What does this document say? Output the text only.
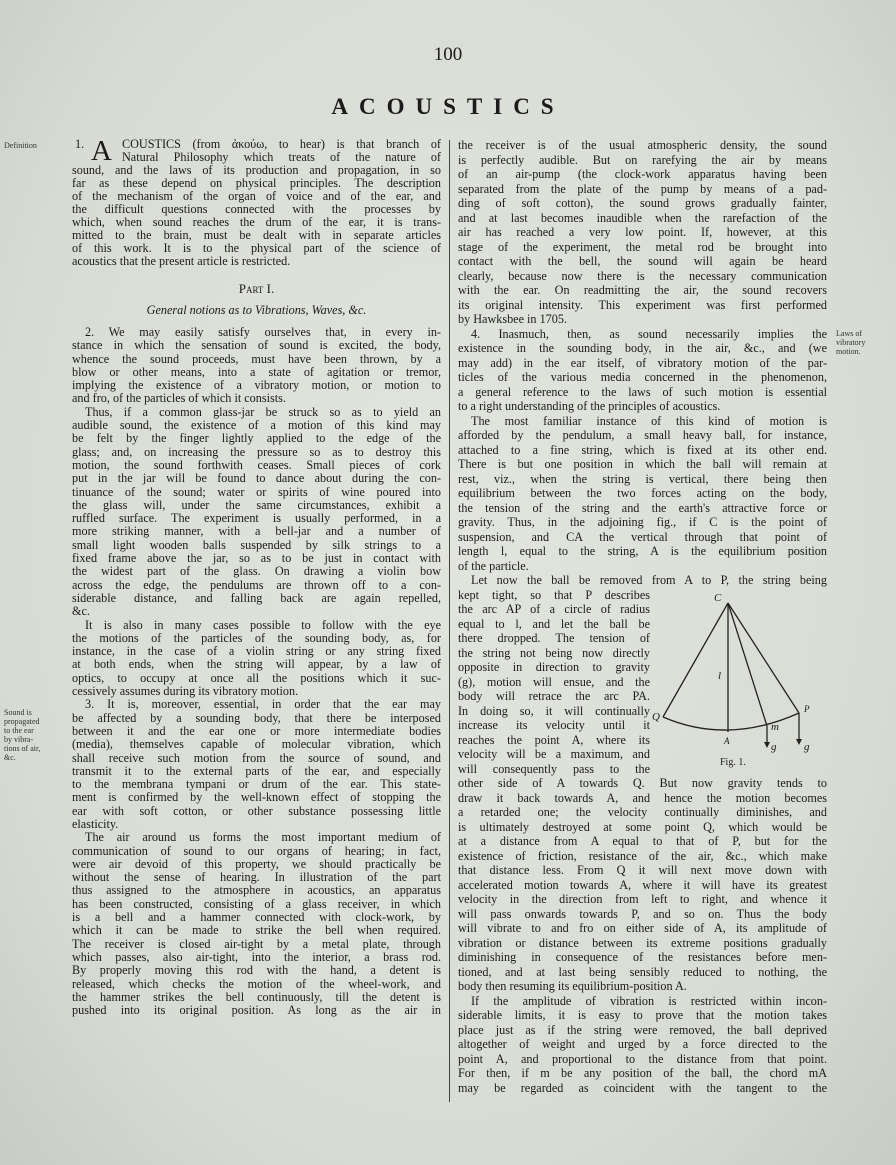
100
ACOUSTICS
Definition
Sound is
propagated
to the ear
by vibra-
tions of air,
&c.
Laws of
vibratory
motion.
1. A COUSTICS (from ἀκούω, to hear) is that branch of
Natural Philosophy which treats of the nature of
sound, and the laws of its production and propagation, in so
far as these depend on physical principles. The description
of the mechanism of the organ of voice and of the ear, and
the difficult questions connected with the processes by
which, when sound reaches the drum of the ear, it is trans-
mitted to the brain, must be dealt with in separate articles
of this work. It is to the physical part of the science of
acoustics that the present article is restricted.
Part I.
General notions as to Vibrations, Waves, &c.
2. We may easily satisfy ourselves that, in every in-
stance in which the sensation of sound is excited, the body,
whence the sound proceeds, must have been thrown, by a
blow or other means, into a state of agitation or tremor,
implying the existence of a vibratory motion, or motion to
and fro, of the particles of which it consists.
Thus, if a common glass-jar be struck so as to yield an
audible sound, the existence of a motion of this kind may
be felt by the finger lightly applied to the edge of the
glass; and, on increasing the pressure so as to destroy this
motion, the sound forthwith ceases. Small pieces of cork
put in the jar will be found to dance about during the con-
tinuance of the sound; water or spirits of wine poured into
the glass will, under the same circumstances, exhibit a
ruffled surface. The experiment is usually performed, in a
more striking manner, with a bell-jar and a number of
small light wooden balls suspended by silk strings to a
fixed frame above the jar, so as to be just in contact with
the widest part of the glass. On drawing a violin bow
across the edge, the pendulums are thrown off to a con-
siderable distance, and falling back are again repelled,
&c.
It is also in many cases possible to follow with the eye
the motions of the particles of the sounding body, as, for
instance, in the case of a violin string or any string fixed
at both ends, when the string will appear, by a law of
optics, to occupy at once all the positions which it suc-
cessively assumes during its vibratory motion.
3. It is, moreover, essential, in order that the ear may
be affected by a sounding body, that there be interposed
between it and the ear one or more intermediate bodies
(media), themselves capable of molecular vibration, which
shall receive such motion from the source of sound, and
transmit it to the external parts of the ear, and especially
to the membrana tympani or drum of the ear. This state-
ment is confirmed by the well-known effect of stopping the
ear with soft cotton, or other substance possessing little
elasticity.
The air around us forms the most important medium of
communication of sound to our organs of hearing; in fact,
were air devoid of this property, we should practically be
without the sense of hearing. In illustration of the part
thus assigned to the atmosphere in acoustics, an apparatus
has been constructed, consisting of a glass receiver, in which
is a bell and a hammer connected with clock-work, by
which it can be made to strike the bell when required.
The receiver is closed air-tight by a metal plate, through
which passes, also air-tight, into the interior, a brass rod.
By properly moving this rod with the hand, a detent is
released, which checks the motion of the wheel-work, and
the hammer strikes the bell continuously, till the detent is
pushed into its original position. As long as the air in
the receiver is of the usual atmospheric density, the sound
is perfectly audible. But on rarefying the air by means
of an air-pump (the clock-work apparatus having been
separated from the plate of the pump by means of a pad-
ding of soft cotton), the sound grows gradually fainter,
and at last becomes inaudible when the rarefaction of the
air has reached a very low point. If, however, at this
stage of the experiment, the metal rod be brought into
contact with the bell, the sound will again be heard
clearly, because now there is the necessary communication
with the ear. On readmitting the air, the sound recovers
its original intensity. This experiment was first performed
by Hawksbee in 1705.
4. Inasmuch, then, as sound necessarily implies the
existence in the sounding body, in the air, &c., and (we
may add) in the ear itself, of vibratory motion of the par-
ticles of the various media concerned in the phenomenon,
a general reference to the laws of such motion is essential
to a right understanding of the principles of acoustics.
The most familiar instance of this kind of motion is
afforded by the pendulum, a small heavy ball, for instance,
attached to a fine string, which is fixed at its other end.
There is but one position in which the ball will remain at
rest, viz., when the string is vertical, there being then
equilibrium between the two forces acting on the body,
the tension of the string and the earth's attractive force or
gravity. Thus, in the adjoining fig., if C is the point of
suspension, and CA the vertical through that point of
length l, equal to the string, A is the equilibrium position
of the particle.
Let now the ball be removed from A to P, the string being
kept tight, so that P describes
the arc AP of a circle of radius
equal to l, and let the ball be
there dropped. The tension of
the string not being now directly
opposite in direction to gravity
(g), motion will ensue, and the
body will retrace the arc PA.
In doing so, it will continually
increase its velocity until it
reaches the point A, where its
velocity will be a maximum, and
will consequently pass to the
other side of A towards Q. But now gravity tends to
draw it back towards A, and hence the motion becomes
a retarded one; the velocity continually diminishes, and
is ultimately destroyed at some point Q, which would be
at a distance from A equal to that of P, but for the
existence of friction, resistance of the air, &c., which make
that distance less. From Q it will next move down with
accelerated motion towards A, where it will have its greatest
velocity in the direction from left to right, and whence it
will pass onwards towards P, and so on. Thus the body
will vibrate to and fro on either side of A, its amplitude of
vibration or distance between its extreme positions gradually
diminishing in consequence of the resistances before men-
tioned, and at last being sensibly reduced to nothing, the
body then resuming its equilibrium-position A.
If the amplitude of vibration is restricted within incon-
siderable limits, it is easy to prove that the motion takes
place just as if the string were removed, the ball deprived
altogether of weight and urged by a force directed to the
point A, and proportional to the distance from that point.
For then, if m be any position of the ball, the chord mA
may be regarded as coincident with the tangent to the
C
l
Q
P
A
m
g	g
Fig. 1.
